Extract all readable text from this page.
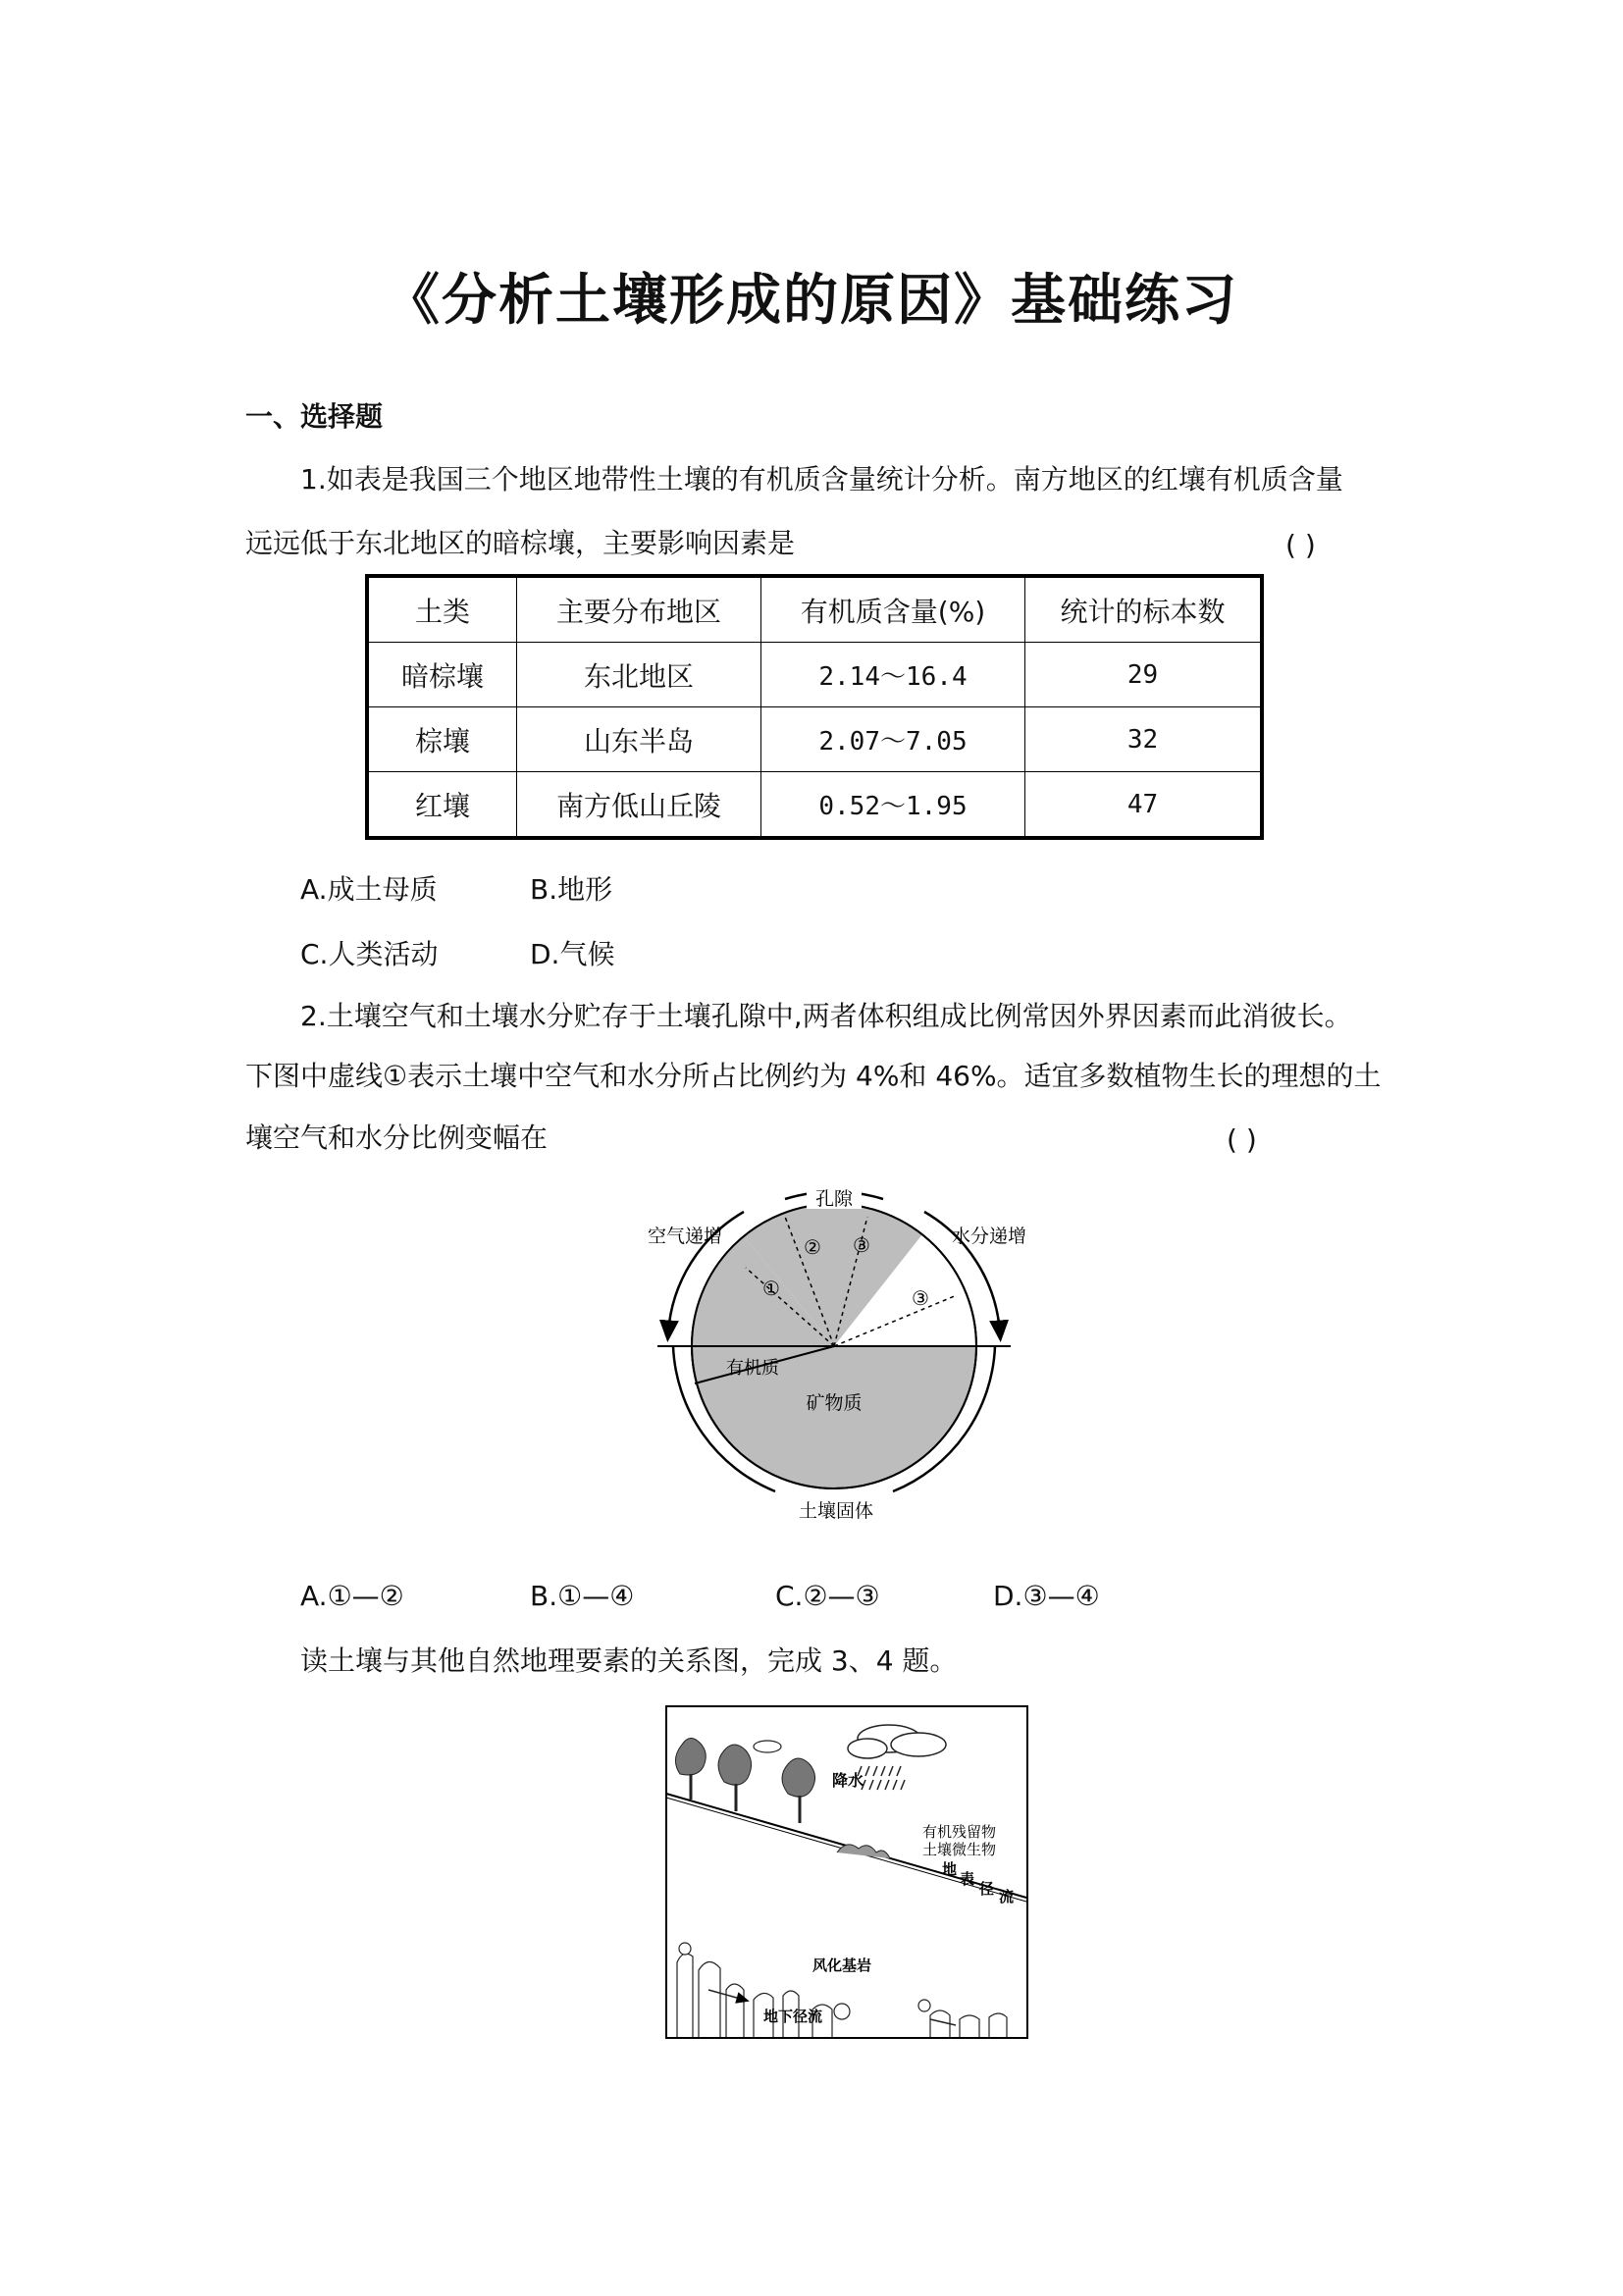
《分析土壤形成的原因》基础练习
一、选择题
1.如表是我国三个地区地带性土壤的有机质含量统计分析。南方地区的红壤有机质含量
远远低于东北地区的暗棕壤，主要影响因素是	( )
土类	主要分布地区	有机质含量(%)	统计的标本数
暗棕壤	东北地区	2.14～16.4	29
棕壤	山东半岛	2.07～7.05	32
红壤	南方低山丘陵	0.52～1.95	47
A.成土母质	B.地形
C.人类活动	D.气候
2.土壤空气和土壤水分贮存于土壤孔隙中,两者体积组成比例常因外界因素而此消彼长。
下图中虚线①表示土壤中空气和水分所占比例约为 4%和 46%。适宜多数植物生长的理想的土
壤空气和水分比例变幅在	( )
孔隙
空气递增	水分递增
有机质
矿物质
土壤固体
①
② ③
③
A.①—②	B.①—④	C.②—③	D.③—④
读土壤与其他自然地理要素的关系图，完成 3、4 题。
降水
有机残留物
土壤微生物
地
表
径 流
风化基岩
地下径流
